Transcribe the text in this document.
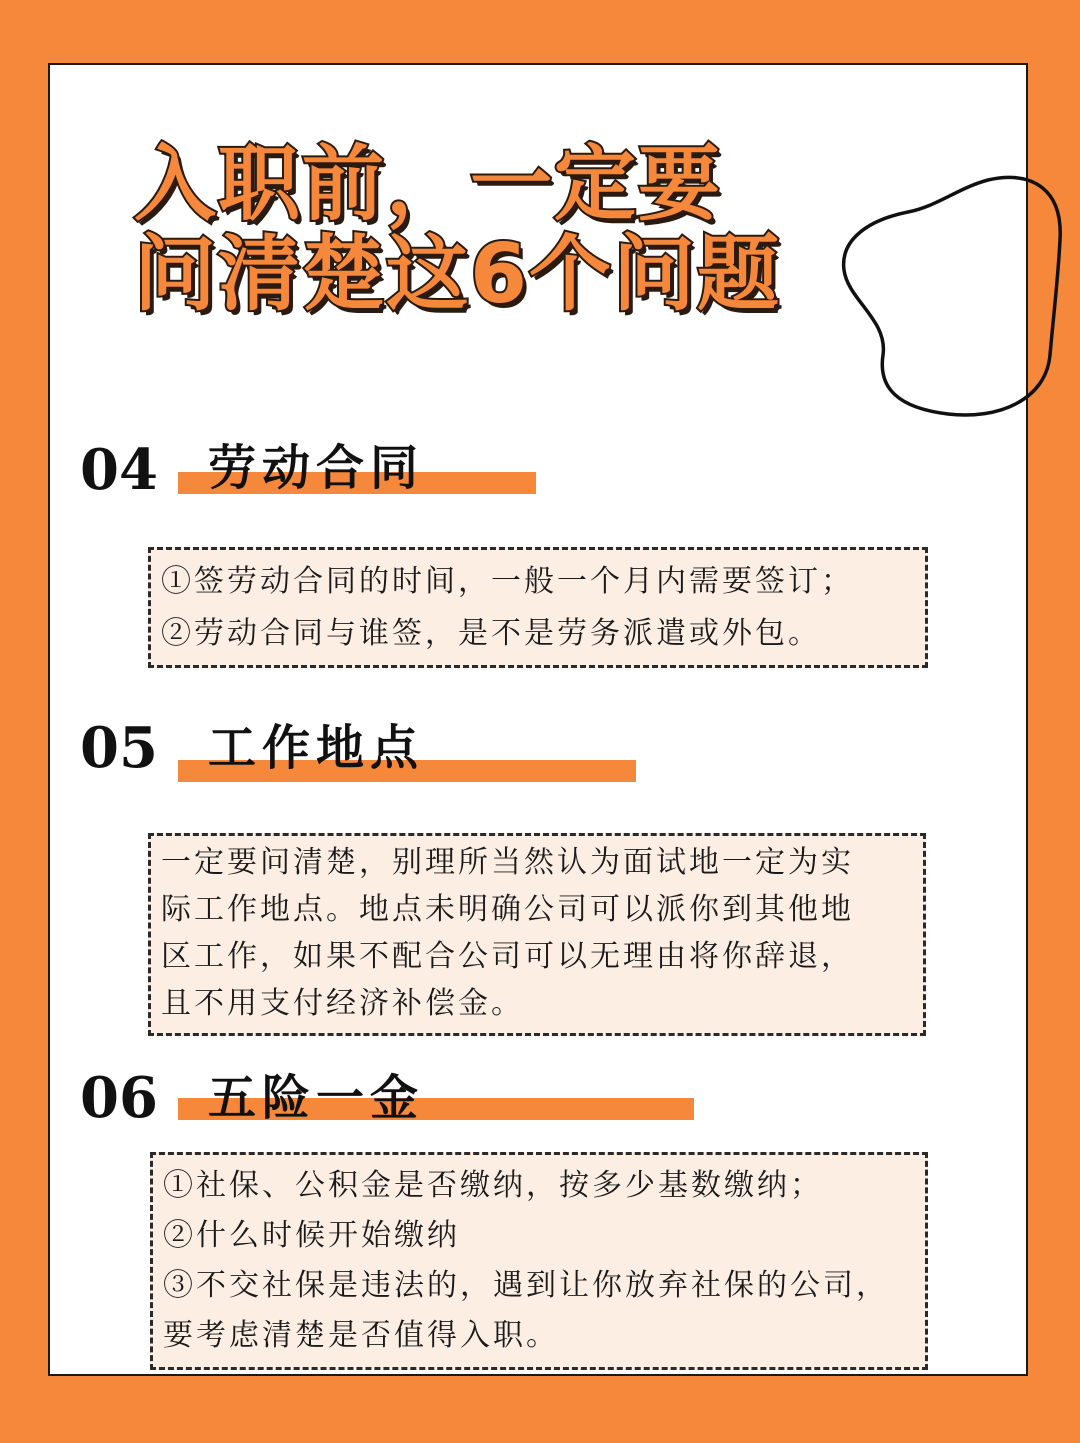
入职前，一定要
问清楚这6个问题
04 劳动合同

①签劳动合同的时间，一般一个月内需要签订；

②劳动合同与谁签，是不是劳务派遣或外包。

05 工作地点

一定要问清楚，别理所当然认为面试地一定为实

际工作地点。地点未明确公司可以派你到其他地

区工作，如果不配合公司可以无理由将你辞退，

且不用支付经济补偿金。

06 五险一金

①社保、公积金是否缴纳，按多少基数缴纳；

②什么时候开始缴纳

③不交社保是违法的，遇到让你放弃社保的公司，

要考虑清楚是否值得入职。
